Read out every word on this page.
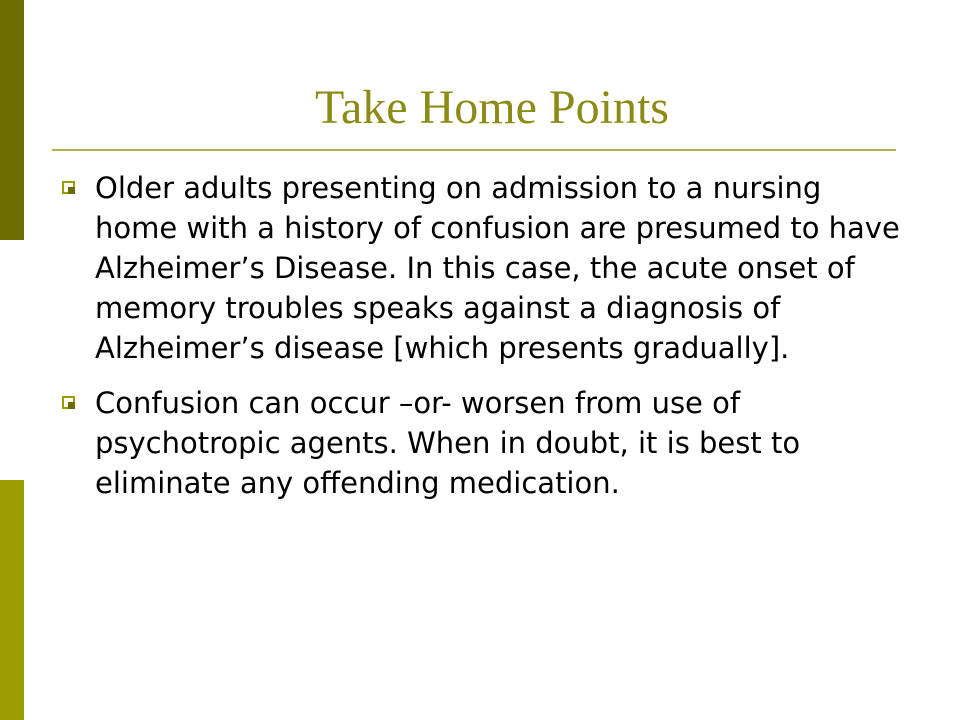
Take Home Points
Older adults presenting on admission to a nursing home with a history of confusion are presumed to have Alzheimer’s Disease. In this case, the acute onset of memory troubles speaks against a diagnosis of Alzheimer’s disease [which presents gradually].
Confusion can occur –or- worsen from use of psychotropic agents. When in doubt, it is best to eliminate any offending medication.
